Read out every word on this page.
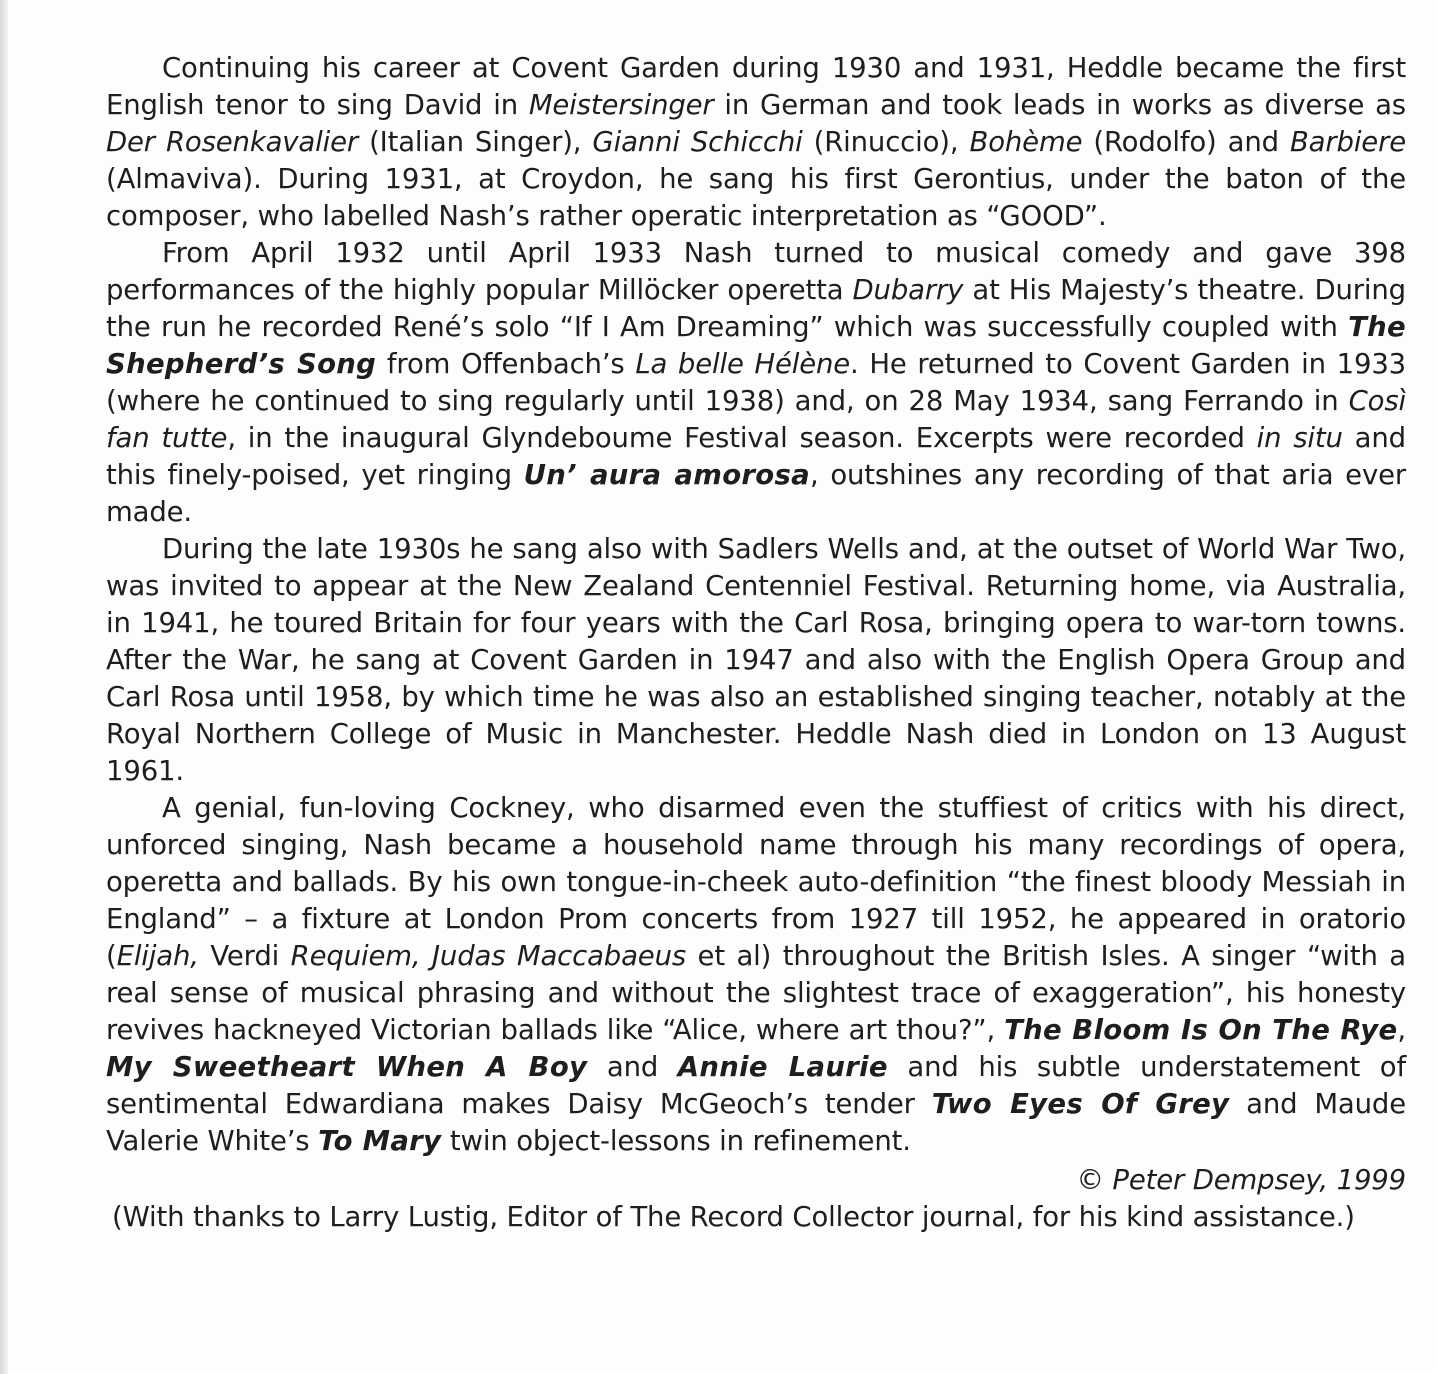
Continuing his career at Covent Garden during 1930 and 1931, Heddle became the first English tenor to sing David in Meistersinger in German and took leads in works as diverse as Der Rosenkavalier (Italian Singer), Gianni Schicchi (Rinuccio), Bohème (Rodolfo) and Barbiere (Almaviva). During 1931, at Croydon, he sang his first Gerontius, under the baton of the composer, who labelled Nash’s rather operatic interpretation as “GOOD”.

From April 1932 until April 1933 Nash turned to musical comedy and gave 398 performances of the highly popular Millöcker operetta Dubarry at His Majesty’s theatre. During the run he recorded René’s solo “If I Am Dreaming” which was successfully coupled with The Shepherd’s Song from Offenbach’s La belle Hélène. He returned to Covent Garden in 1933 (where he continued to sing regularly until 1938) and, on 28 May 1934, sang Ferrando in Così fan tutte, in the inaugural Glyndeboume Festival season. Excerpts were recorded in situ and this finely-poised, yet ringing Un’ aura amorosa, outshines any recording of that aria ever made.

During the late 1930s he sang also with Sadlers Wells and, at the outset of World War Two, was invited to appear at the New Zealand Centenniel Festival. Returning home, via Australia, in 1941, he toured Britain for four years with the Carl Rosa, bringing opera to war-torn towns. After the War, he sang at Covent Garden in 1947 and also with the English Opera Group and Carl Rosa until 1958, by which time he was also an established singing teacher, notably at the Royal Northern College of Music in Manchester. Heddle Nash died in London on 13 August 1961.

A genial, fun-loving Cockney, who disarmed even the stuffiest of critics with his direct, unforced singing, Nash became a household name through his many recordings of opera, operetta and ballads. By his own tongue-in-cheek auto-definition “the finest bloody Messiah in England” – a fixture at London Prom concerts from 1927 till 1952, he appeared in oratorio (Elijah, Verdi Requiem, Judas Maccabaeus et al) throughout the British Isles. A singer “with a real sense of musical phrasing and without the slightest trace of exaggeration”, his honesty revives hackneyed Victorian ballads like “Alice, where art thou?”, The Bloom Is On The Rye, My Sweetheart When A Boy and Annie Laurie and his subtle understatement of sentimental Edwardiana makes Daisy McGeoch’s tender Two Eyes Of Grey and Maude Valerie White’s To Mary twin object-lessons in refinement.

© Peter Dempsey, 1999

(With thanks to Larry Lustig, Editor of The Record Collector journal, for his kind assistance.)
